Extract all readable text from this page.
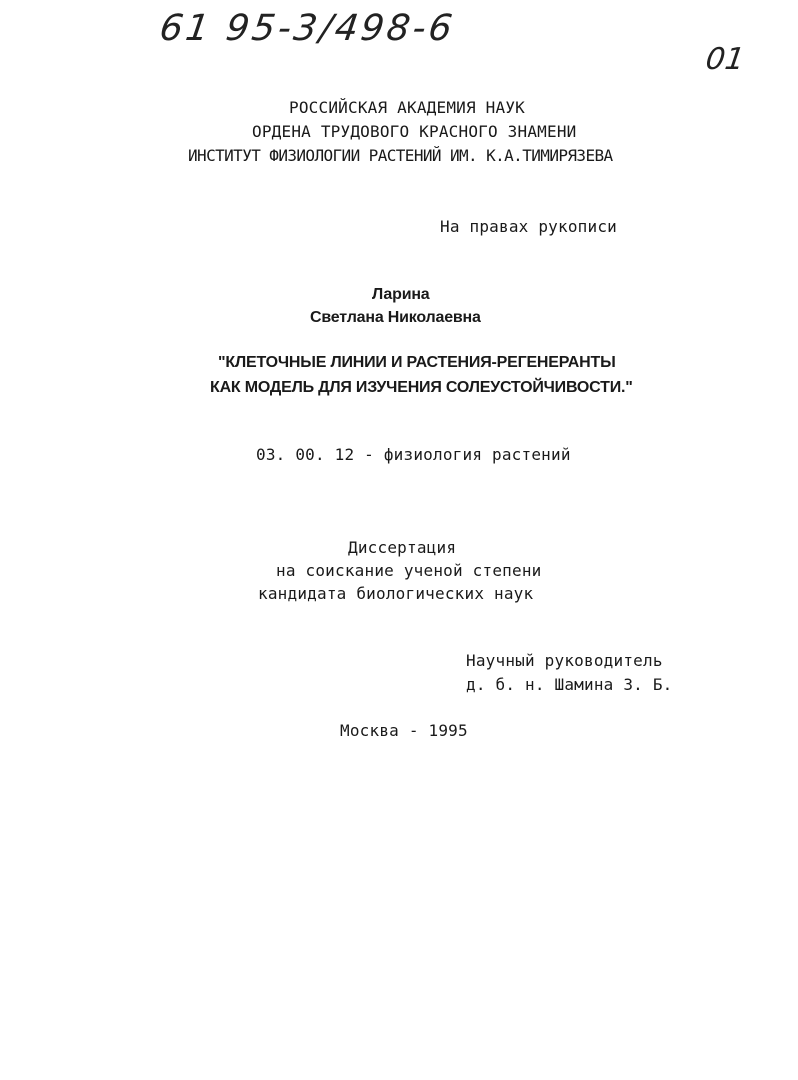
61 95-3/498-6
01
РОССИЙСКАЯ АКАДЕМИЯ НАУК
ОРДЕНА ТРУДОВОГО КРАСНОГО ЗНАМЕНИ
ИНСТИТУТ ФИЗИОЛОГИИ РАСТЕНИЙ ИМ. К.А.ТИМИРЯЗЕВА
На правах рукописи
Ларина
Светлана Николаевна
"КЛЕТОЧНЫЕ ЛИНИИ И РАСТЕНИЯ-РЕГЕНЕРАНТЫ
КАК МОДЕЛЬ ДЛЯ ИЗУЧЕНИЯ СОЛЕУСТОЙЧИВОСТИ."
03. 00. 12 - физиология растений
Диссертация
на соискание ученой степени
кандидата биологических наук
Научный руководитель
д. б. н. Шамина З. Б.
Москва - 1995
